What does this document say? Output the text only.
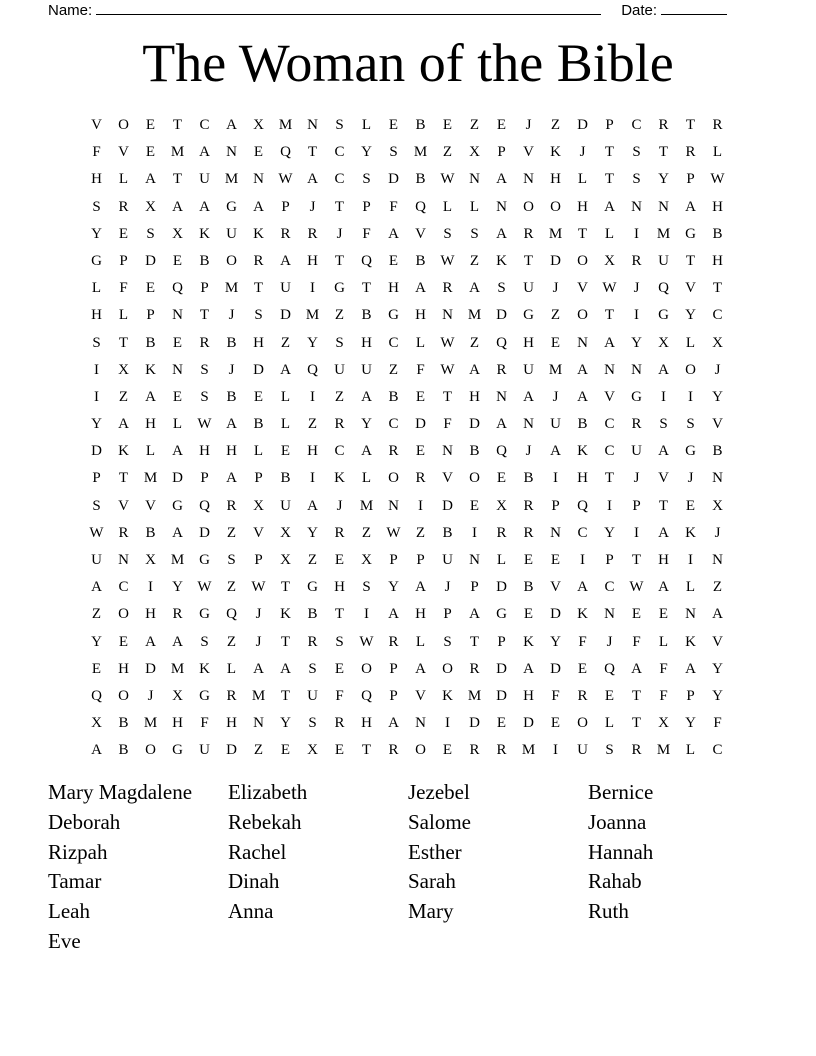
Name:	Date:
The Woman of the Bible
V	O	E	T	C	A	X M N	S	L	E	B	E	Z	E	J	Z	D	P	C	R	T	R
F	V	E	M A	N	E	Q	T	C	Y	S	M	Z	X	P	V	K	J	T	S	T	R	L
H	L	A	T	U M N W A	C	S	D	B W N	A	N	H	L	T	S	Y	P	W
S	R	X	A	A	G	A	P	J	T	P	F	Q	L	L	N	O	O	H	A	N	N	A	H
Y	E	S	X	K	U	K	R	R	J	F	A	V	S	S	A	R	M	T	L	I	M G	B
G	P	D	E	B	O	R	A	H	T	Q	E	B W	Z	K	T	D	O	X	R	U	T	H
L	F	E	Q	P	M	T	U	I	G	T	H	A	R	A	S	U	J	V W	J	Q	V	T
H	L	P	N	T	J	S	D M	Z	B	G	H	N M D	G	Z	O	T	I	G	Y	C
S	T	B	E	R	B	H	Z	Y	S	H	C	L	W	Z	Q	H	E	N	A	Y	X	L	X
I	X	K	N	S	J	D	A	Q	U	U	Z	F	W A	R	U M A	N	N	A	O	J
I	Z	A	E	S	B	E	L	I	Z	A	B	E	T	H	N	A	J	A	V	G	I	I	Y
Y	A	H	L	W A	B	L	Z	R	Y	C	D	F	D	A	N	U	B	C	R	S	S	V
D	K	L	A	H	H	L	E	H	C	A	R	E	N	B	Q	J	A	K	C	U	A	G	B
P	T	M D	P	A	P	B	I	K	L	O	R	V	O	E	B	I	H	T	J	V	J	N
S	V	V	G	Q	R	X	U	A	J	M N	I	D	E	X	R	P	Q	I	P	T	E	X
W R	B	A	D	Z	V	X	Y	R	Z	W	Z	B	I	R	R	N	C	Y	I	A	K	J
U	N	X M G	S	P	X	Z	E	X	P	P	U	N	L	E	E	I	P	T	H	I	N
A	C	I	Y W	Z	W	T	G	H	S	Y	A	J	P	D	B	V	A	C W A	L	Z
Z	O	H	R	G	Q	J	K	B	T	I	A	H	P	A	G	E	D	K	N	E	E	N	A
Y	E	A	A	S	Z	J	T	R	S	W R	L	S	T	P	K	Y	F	J	F	L	K	V
E	H	D M K	L	A	A	S	E	O	P	A	O	R	D	A	D	E	Q	A	F	A	Y
Q	O	J	X	G	R	M	T	U	F	Q	P	V	K M D	H	F	R	E	T	F	P	Y
X	B	M H	F	H	N	Y	S	R	H	A	N	I	D	E	D	E	O	L	T	X	Y	F
A	B	O	G	U	D	Z	E	X	E	T	R	O	E	R	R	M	I	U	S	R	M	L	C
Mary Magdalene	Elizabeth	Jezebel	Bernice
Deborah	Rebekah	Salome	Joanna
Rizpah	Rachel	Esther	Hannah
Tamar	Dinah	Sarah	Rahab
Leah	Anna	Mary	Ruth
Eve
